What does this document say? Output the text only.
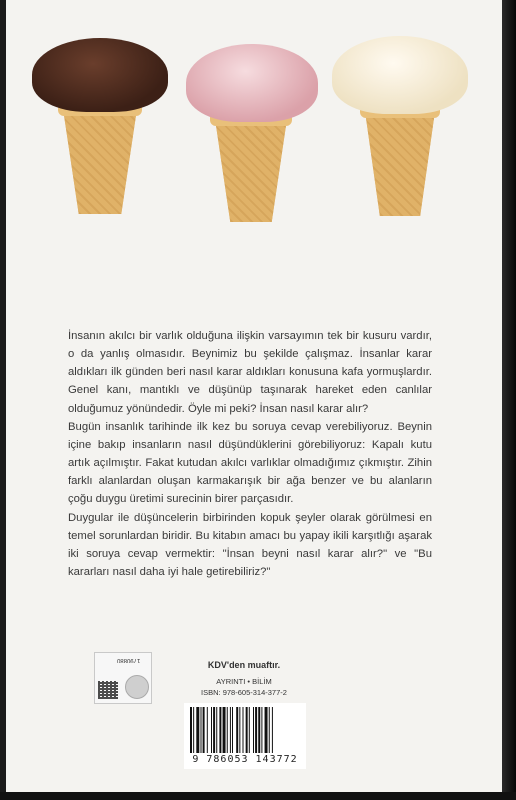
İnsanın akılcı bir varlık olduğuna ilişkin varsayımın tek bir kusuru vardır, o da yanlış olmasıdır. Beynimiz bu şekilde çalışmaz. İnsanlar karar aldıkları ilk günden beri nasıl karar aldıkları konusuna kafa yormuşlardır. Genel kanı, mantıklı ve düşünüp taşınarak hareket eden canlılar olduğumuz yönündedir. Öyle mi peki? İnsan nasıl karar alır?

Bugün insanlık tarihinde ilk kez bu soruya cevap verebiliyoruz. Beynin içine bakıp insanların nasıl düşündüklerini görebiliyoruz: Kapalı kutu artık açılmıştır. Fakat kutudan akılcı varlıklar olmadığımız çıkmıştır. Zihin farklı alanlardan oluşan karmakarışık bir ağa benzer ve bu alanların çoğu duygu üretimi surecinin birer parçasıdır.

Duygular ile düşüncelerin birbirinden kopuk şeyler olarak görülmesi en temel sorunlardan biridir. Bu kitabın amacı bu yapay ikili karşıtlığı aşarak iki soruya cevap vermektir: "İnsan beyni nasıl karar alır?" ve "Bu kararları nasıl daha iyi hale getirebiliriz?"

1790880	KDV'den muaftır.
AYRINTI • BİLİM
ISBN: 978-605-314-377-2
9 786053 143772
